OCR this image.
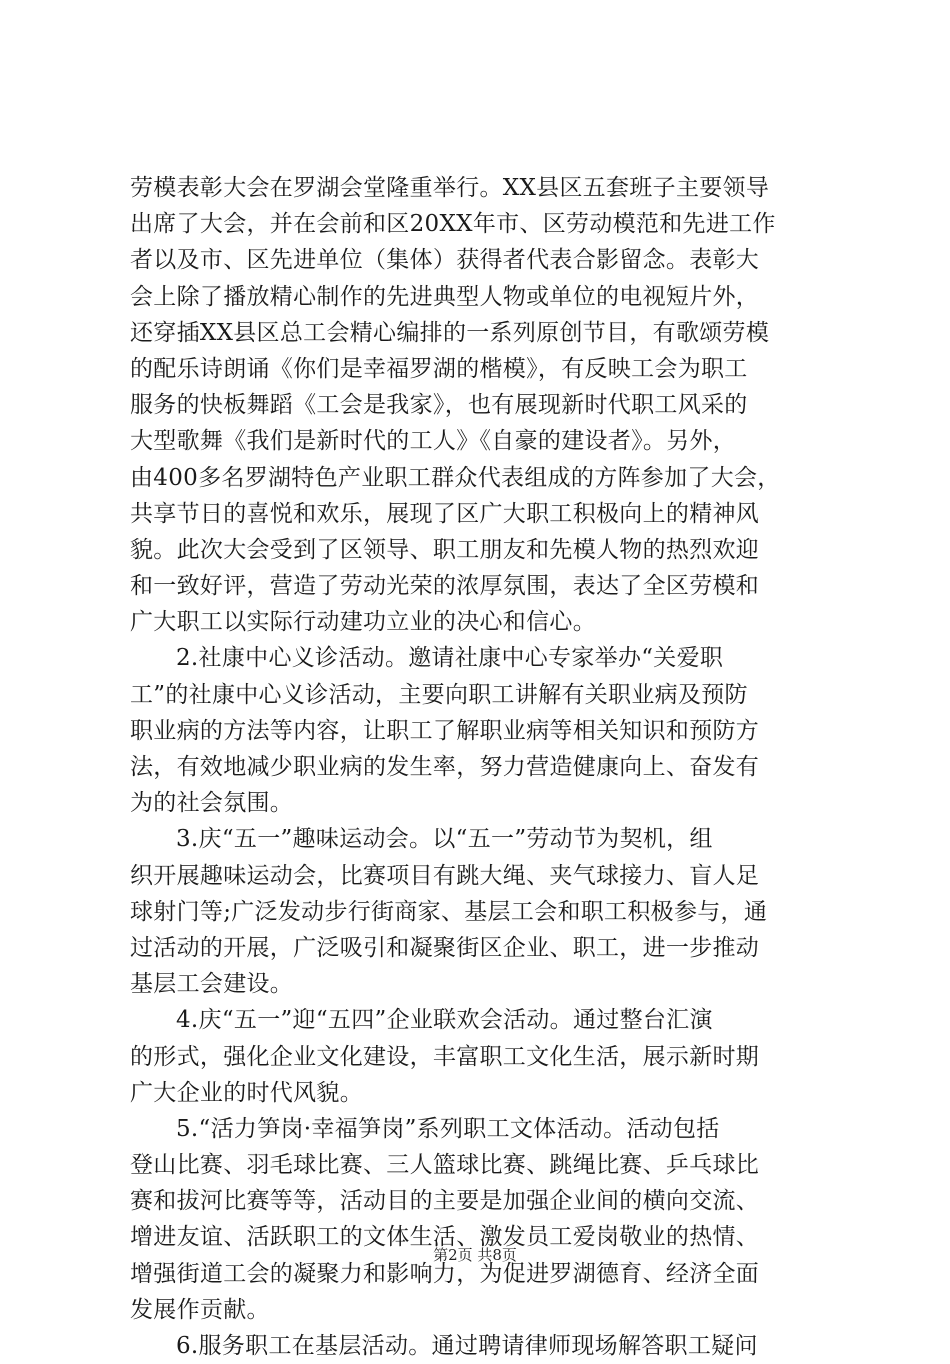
劳模表彰大会在罗湖会堂隆重举行。XX县区五套班子主要领导
出席了大会，并在会前和区20XX年市、区劳动模范和先进工作
者以及市、区先进单位（集体）获得者代表合影留念。表彰大
会上除了播放精心制作的先进典型人物或单位的电视短片外，
还穿插XX县区总工会精心编排的一系列原创节目，有歌颂劳模
的配乐诗朗诵《你们是幸福罗湖的楷模》，有反映工会为职工
服务的快板舞蹈《工会是我家》，也有展现新时代职工风采的
大型歌舞《我们是新时代的工人》《自豪的建设者》。另外，
由400多名罗湖特色产业职工群众代表组成的方阵参加了大会，
共享节日的喜悦和欢乐，展现了区广大职工积极向上的精神风
貌。此次大会受到了区领导、职工朋友和先模人物的热烈欢迎
和一致好评，营造了劳动光荣的浓厚氛围，表达了全区劳模和
广大职工以实际行动建功立业的决心和信心。
2.社康中心义诊活动。邀请社康中心专家举办“关爱职
工”的社康中心义诊活动，主要向职工讲解有关职业病及预防
职业病的方法等内容，让职工了解职业病等相关知识和预防方
法，有效地减少职业病的发生率，努力营造健康向上、奋发有
为的社会氛围。
3.庆“五一”趣味运动会。以“五一”劳动节为契机，组
织开展趣味运动会，比赛项目有跳大绳、夹气球接力、盲人足
球射门等;广泛发动步行街商家、基层工会和职工积极参与，通
过活动的开展，广泛吸引和凝聚街区企业、职工，进一步推动
基层工会建设。
4.庆“五一”迎“五四”企业联欢会活动。通过整台汇演
的形式，强化企业文化建设，丰富职工文化生活，展示新时期
广大企业的时代风貌。
5.“活力笋岗·幸福笋岗”系列职工文体活动。活动包括
登山比赛、羽毛球比赛、三人篮球比赛、跳绳比赛、乒乓球比
赛和拔河比赛等等，活动目的主要是加强企业间的横向交流、
增进友谊、活跃职工的文体生活、激发员工爱岗敬业的热情、
增强街道工会的凝聚力和影响力，为促进罗湖德育、经济全面
发展作贡献。
6.服务职工在基层活动。通过聘请律师现场解答职工疑问
第2页 共8页
